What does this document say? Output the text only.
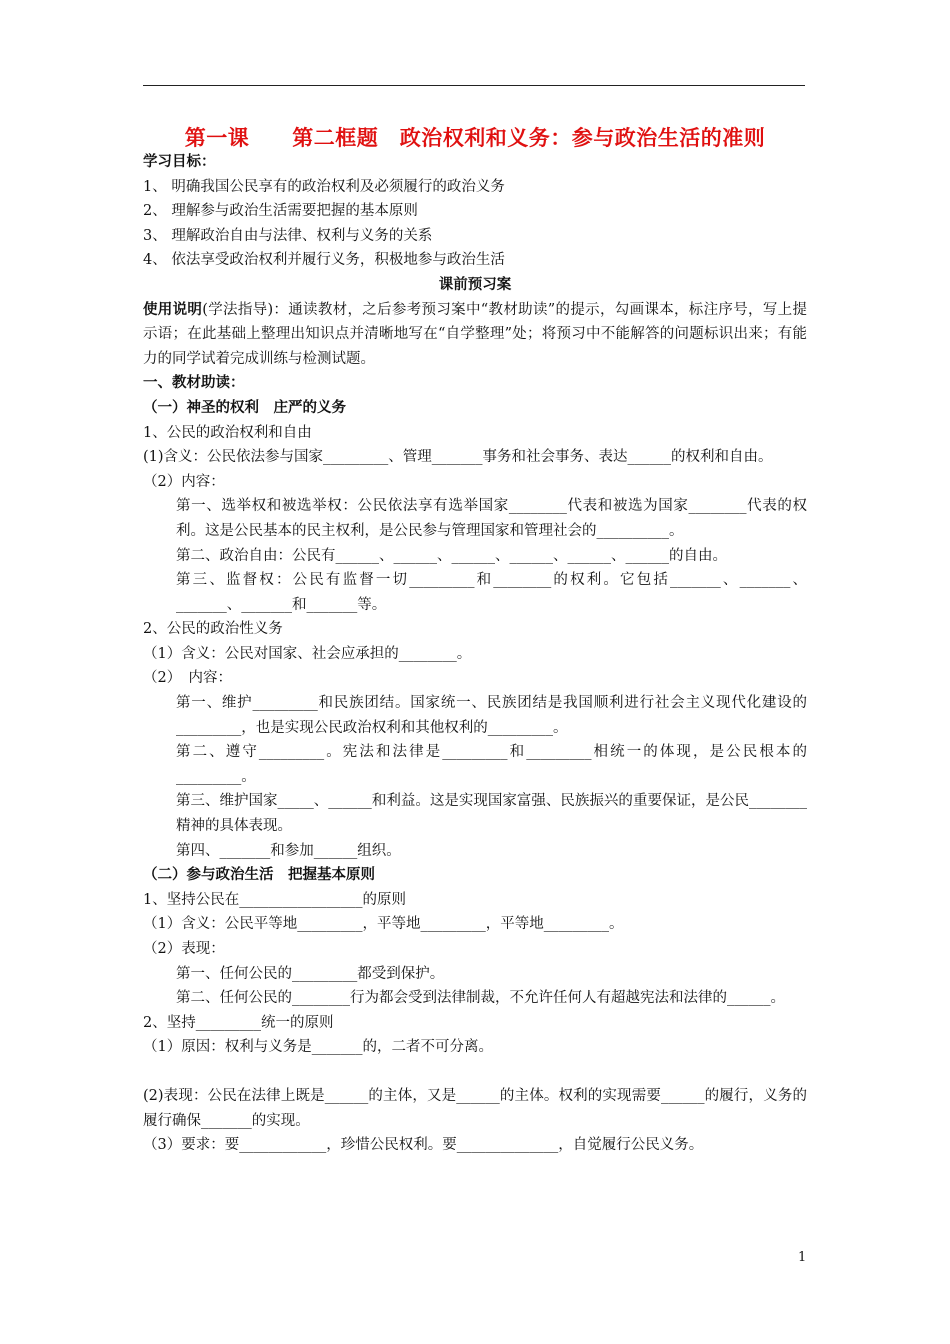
第一课　　第二框题　政治权利和义务：参与政治生活的准则

学习目标：

1、 明确我国公民享有的政治权利及必须履行的政治义务

2、 理解参与政治生活需要把握的基本原则

3、 理解政治自由与法律、权利与义务的关系

4、 依法享受政治权利并履行义务，积极地参与政治生活

课前预习案

使用说明(学法指导)：通读教材，之后参考预习案中“教材助读”的提示，勾画课本，标注序号，写上提示语；在此基础上整理出知识点并清晰地写在“自学整理”处；将预习中不能解答的问题标识出来；有能力的同学试着完成训练与检测试题。

一、教材助读：

（一）神圣的权利　庄严的义务

1、公民的政治权利和自由

(1)含义：公民依法参与国家_________、管理_______事务和社会事务、表达______的权利和自由。

（2）内容：

第一、选举权和被选举权：公民依法享有选举国家________代表和被选为国家________代表的权利。这是公民基本的民主权利，是公民参与管理国家和管理社会的__________。

第二、政治自由：公民有______、______、______、______、______、______的自由。

第三、监督权：公民有监督一切_________和________的权利。它包括_______、_______、_______、_______和_______等。

2、公民的政治性义务

（1）含义：公民对国家、社会应承担的________。

（2）　内容：

第一、维护_________和民族团结。国家统一、民族团结是我国顺利进行社会主义现代化建设的_________，也是实现公民政治权利和其他权利的_________。

第二、遵守_________。宪法和法律是_________和_________相统一的体现，是公民根本的_________。

第三、维护国家_____、______和利益。这是实现国家富强、民族振兴的重要保证，是公民________精神的具体表现。

第四、_______和参加______组织。

（二）参与政治生活　把握基本原则

1、坚持公民在_________________的原则

（1）含义：公民平等地_________，平等地_________，平等地_________。

（2）表现：

第一、任何公民的_________都受到保护。

第二、任何公民的________行为都会受到法律制裁，不允许任何人有超越宪法和法律的______。

2、坚持_________统一的原则

（1）原因：权利与义务是_______的，二者不可分离。

(2)表现：公民在法律上既是______的主体，又是______的主体。权利的实现需要______的履行，义务的履行确保_______的实现。

（3）要求：要____________，珍惜公民权利。要______________，自觉履行公民义务。

1
